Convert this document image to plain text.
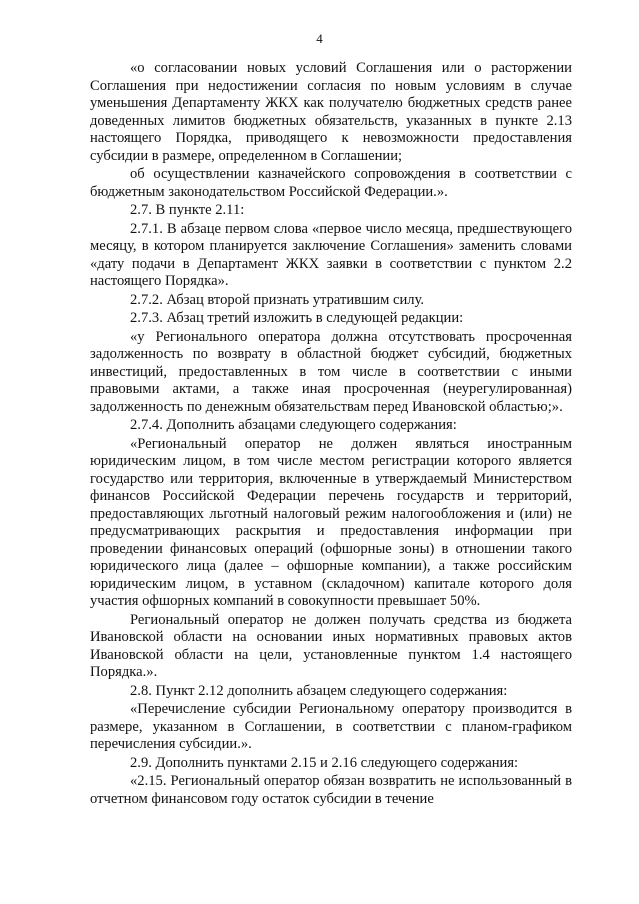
4

«о согласовании новых условий Соглашения или о расторжении Соглашения при недостижении согласия по новым условиям в случае уменьшения Департаменту ЖКХ как получателю бюджетных средств ранее доведенных лимитов бюджетных обязательств, указанных в пункте 2.13 настоящего Порядка, приводящего к невозможности предоставления субсидии в размере, определенном в Соглашении;

об осуществлении казначейского сопровождения в соответствии с бюджетным законодательством Российской Федерации.».

2.7. В пункте 2.11:

2.7.1. В абзаце первом слова «первое число месяца, предшествующего месяцу, в котором планируется заключение Соглашения» заменить словами «дату подачи в Департамент ЖКХ заявки в соответствии с пунктом 2.2 настоящего Порядка».

2.7.2. Абзац второй признать утратившим силу.

2.7.3. Абзац третий изложить в следующей редакции:

«у Регионального оператора должна отсутствовать просроченная задолженность по возврату в областной бюджет субсидий, бюджетных инвестиций, предоставленных в том числе в соответствии с иными правовыми актами, а также иная просроченная (неурегулированная) задолженность по денежным обязательствам перед Ивановской областью;».

2.7.4. Дополнить абзацами следующего содержания:

«Региональный оператор не должен являться иностранным юридическим лицом, в том числе местом регистрации которого является государство или территория, включенные в утверждаемый Министерством финансов Российской Федерации перечень государств и территорий, предоставляющих льготный налоговый режим налогообложения и (или) не предусматривающих раскрытия и предоставления информации при проведении финансовых операций (офшорные зоны) в отношении такого юридического лица (далее – офшорные компании), а также российским юридическим лицом, в уставном (складочном) капитале которого доля участия офшорных компаний в совокупности превышает 50%.

Региональный оператор не должен получать средства из бюджета Ивановской области на основании иных нормативных правовых актов Ивановской области на цели, установленные пунктом 1.4 настоящего Порядка.».

2.8. Пункт 2.12 дополнить абзацем следующего содержания:

«Перечисление субсидии Региональному оператору производится в размере, указанном в Соглашении, в соответствии с планом-графиком перечисления субсидии.».

2.9. Дополнить пунктами 2.15 и 2.16 следующего содержания:

«2.15. Региональный оператор обязан возвратить не использованный в отчетном финансовом году остаток субсидии в течение
